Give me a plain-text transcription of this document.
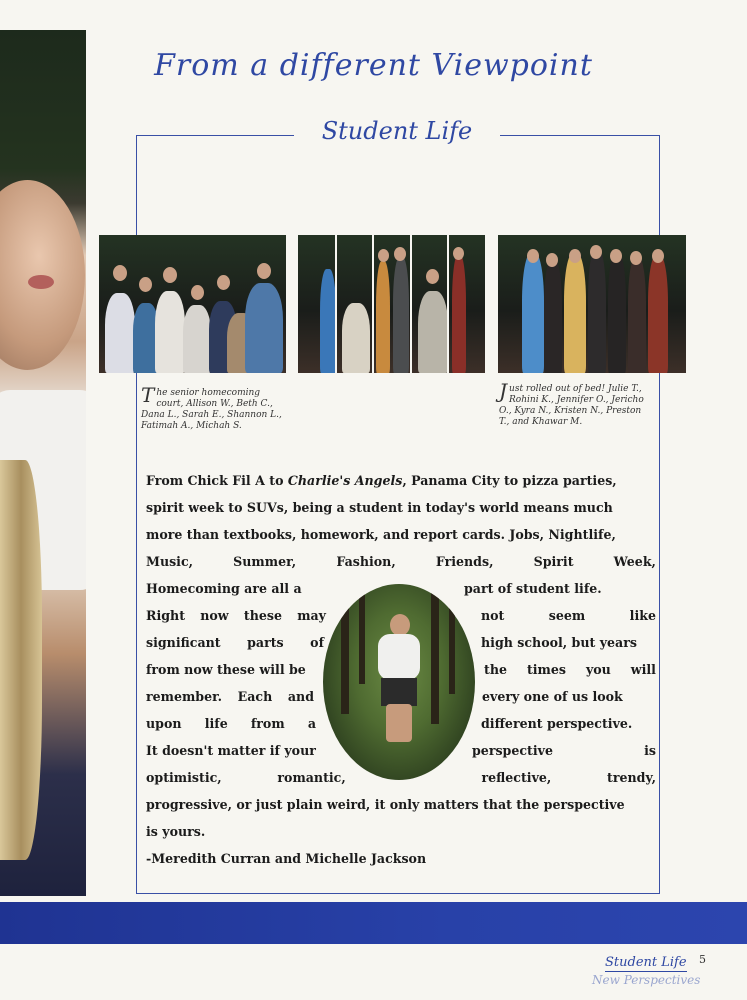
From a different Viewpoint
Student Life
The senior homecoming court, Allison W., Beth C., Dana L., Sarah E., Shannon L., Fatimah A., Michah S.
Just rolled out of bed! Julie T., Rohini K., Jennifer O., Jericho O., Kyra N., Kristen N., Preston T., and Khawar M.
From Chick Fil A to Charlie's Angels , Panama City to pizza parties,
spirit week to SUVs, being a student in today's world means much
more than textbooks, homework, and report cards. Jobs, Nightlife,
Music,	Summer,	Fashion,	Friends,	Spirit	Week,
Homecoming are all a	part of student life.
Right now these may	not	seem	like
significant parts of	high school, but years
from now these will be	the times you will
remember. Each and	every one of us look
upon life from a	different perspective.
It doesn't matter if your	perspective	is
optimistic,	romantic,	reflective,	trendy,
progressive, or just plain weird, it only matters that the perspective
is yours.
-Meredith Curran and Michelle Jackson
Student Life 5
New Perspectives
